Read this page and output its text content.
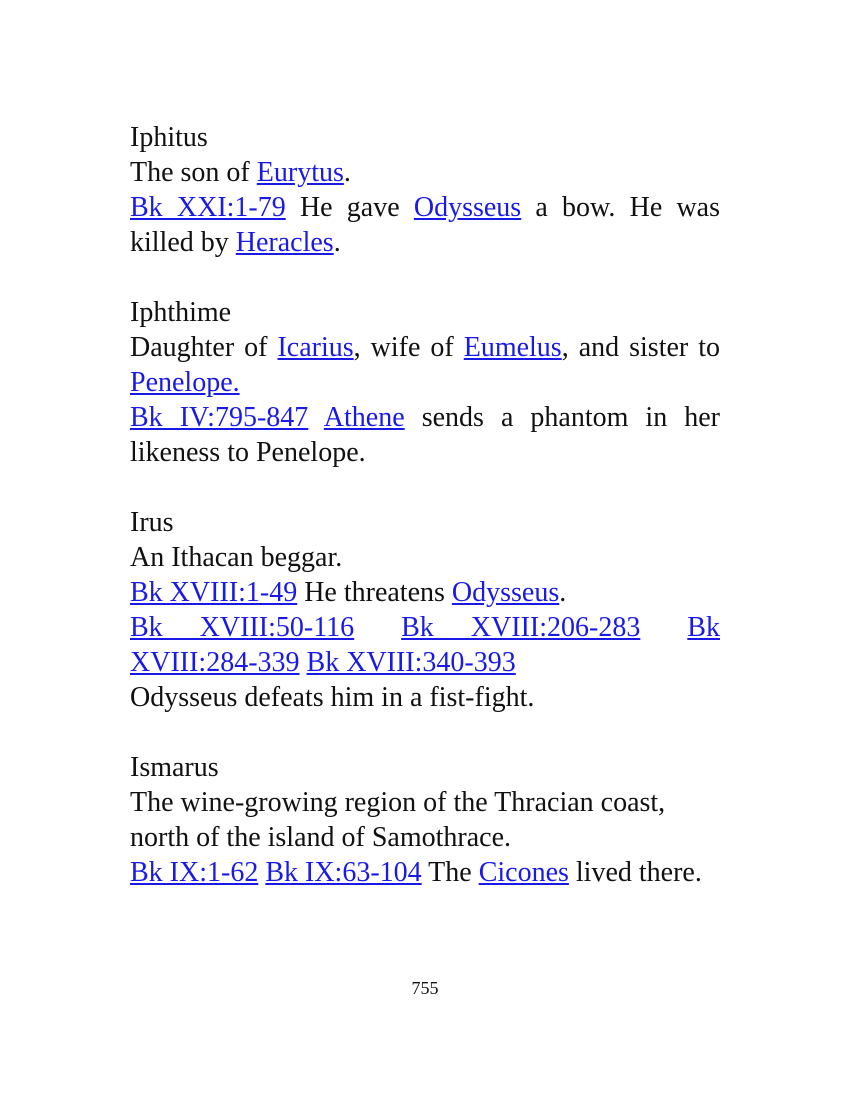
Iphitus
The son of Eurytus.
Bk XXI:1-79 He gave Odysseus a bow. He was killed by Heracles.
Iphthime
Daughter of Icarius, wife of Eumelus, and sister to Penelope.
Bk IV:795-847 Athene sends a phantom in her likeness to Penelope.
Irus
An Ithacan beggar.
Bk XVIII:1-49 He threatens Odysseus.
Bk XVIII:50-116 Bk XVIII:206-283 Bk
XVIII:284-339 Bk XVIII:340-393
Odysseus defeats him in a fist-fight.
Ismarus
The wine-growing region of the Thracian coast, north of the island of Samothrace.
Bk IX:1-62 Bk IX:63-104 The Cicones lived there.
755
